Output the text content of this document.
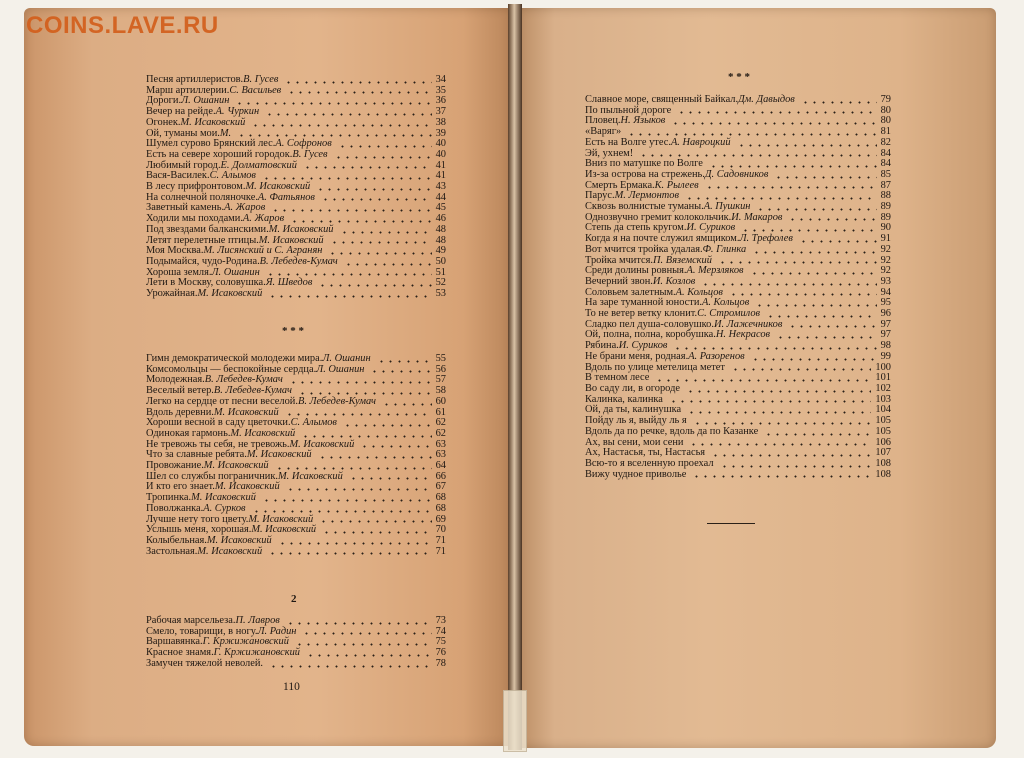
COINS.LAVE.RU
Песня артиллеристов. В. Гусев	34
Марш артиллерии. С. Васильев	35
Дороги. Л. Ошанин	36
Вечер на рейде. А. Чуркин	37
Огонек. М. Исаковский	38
Ой, туманы мои. М.	39
Шумел сурово Брянский лес. А. Софронов	40
Есть на севере хороший городок. В. Гусев	40
Любимый город. Е. Долматовский	41
Вася-Василек. С. Алымов	41
В лесу прифронтовом. М. Исаковский	43
На солнечной поляночке. А. Фатьянов	44
Заветный камень. А. Жаров	45
Ходили мы походами. А. Жаров	46
Под звездами балканскими. М. Исаковский	48
Летят перелетные птицы. М. Исаковский	48
Моя Москва. М. Лисянский и С. Агранян	49
Подымайся, чудо-Родина. В. Лебедев-Кумач	50
Хороша земля. Л. Ошанин	51
Лети в Москву, соловушка. Я. Шведов	52
Урожайная. М. Исаковский	53
* * *
Гимн демократической молодежи мира. Л. Ошанин	55
Комсомольцы — беспокойные сердца. Л. Ошанин	56
Молодежная. В. Лебедев-Кумач	57
Веселый ветер. В. Лебедев-Кумач	58
Легко на сердце от песни веселой. В. Лебедев-Кумач	60
Вдоль деревни. М. Исаковский	61
Хороши весной в саду цветочки. С. Алымов	62
Одинокая гармонь. М. Исаковский	62
Не тревожь ты себя, не тревожь. М. Исаковский	63
Что за славные ребята. М. Исаковский	63
Провожание. М. Исаковский	64
Шел со службы пограничник. М. Исаковский	66
И кто его знает. М. Исаковский	67
Тропинка. М. Исаковский	68
Поволжанка. А. Сурков	68
Лучше нету того цвету. М. Исаковский	69
Услышь меня, хорошая. М. Исаковский	70
Колыбельная. М. Исаковский	71
Застольная. М. Исаковский	71
2
Рабочая марсельеза. П. Лавров	73
Смело, товарищи, в ногу. Л. Радин	74
Варшавянка. Г. Кржижановский	75
Красное знамя. Г. Кржижановский	76
Замучен тяжелой неволей.	78
110
* * *
Славное море, священный Байкал. Дм. Давыдов	79
По пыльной дороге	80
Пловец. Н. Языков	80
«Варяг»	81
Есть на Волге утес. А. Навроцкий	82
Эй, ухнем!	84
Вниз по матушке по Волге	84
Из-за острова на стрежень. Д. Садовников	85
Смерть Ермака. К. Рылеев	87
Парус. М. Лермонтов	88
Сквозь волнистые туманы. А. Пушкин	89
Однозвучно гремит колокольчик. И. Макаров	89
Степь да степь кругом. И. Суриков	90
Когда я на почте служил ямщиком. Л. Трефолев	91
Вот мчится тройка удалая. Ф. Глинка	92
Тройка мчится. П. Вяземский	92
Среди долины ровныя. А. Мерзляков	92
Вечерний звон. И. Козлов	93
Соловьем залетным. А. Кольцов	94
На заре туманной юности. А. Кольцов	95
То не ветер ветку клонит. С. Стромилов	96
Сладко пел душа-соловушко. И. Лажечников	97
Ой, полна, полна, коробушка. Н. Некрасов	97
Рябина. И. Суриков	98
Не брани меня, родная. А. Разоренов	99
Вдоль по улице метелица метет	100
В темном лесе	101
Во саду ли, в огороде	102
Калинка, калинка	103
Ой, да ты, калинушка	104
Пойду ль я, выйду ль я	105
Вдоль да по речке, вдоль да по Казанке	105
Ах, вы сени, мои сени	106
Ах, Настасья, ты, Настасья	107
Всю-то я вселенную проехал	108
Вижу чудное приволье	108
